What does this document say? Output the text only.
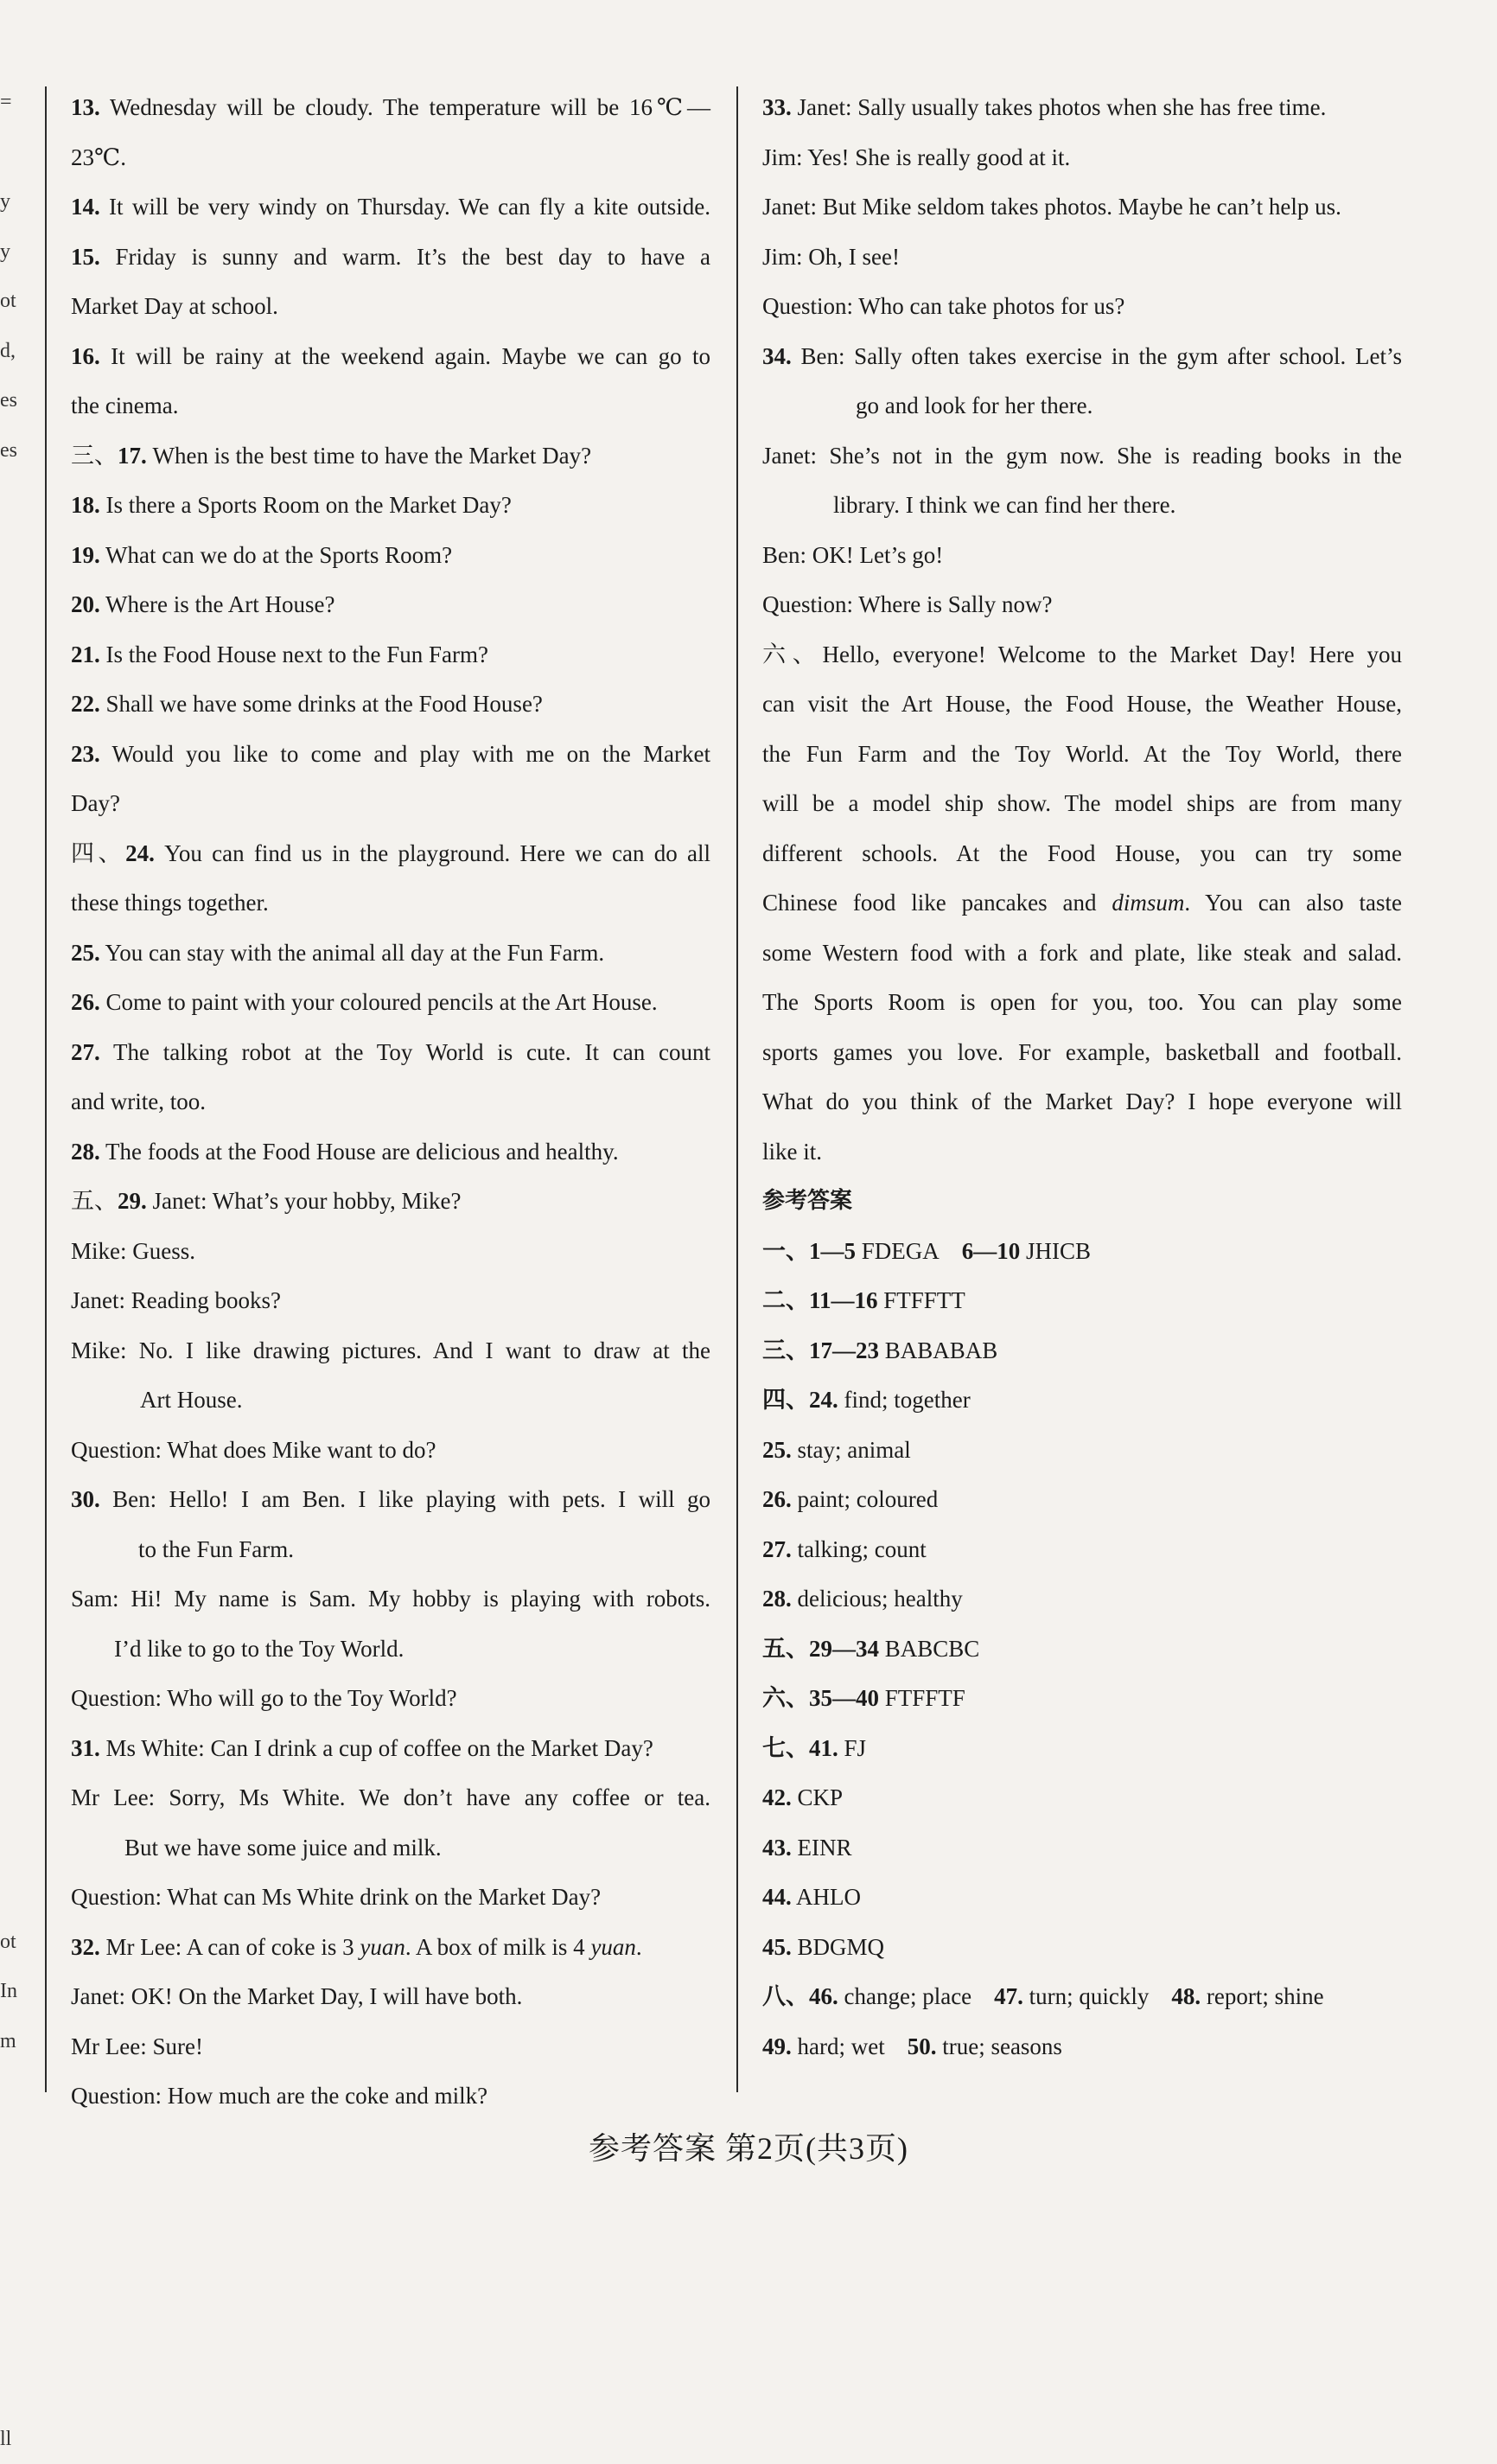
=
y
y
ot
d,
es
es
ot
In
m
ll
13. Wednesday will be cloudy. The temperature will be 16℃—
23℃.
14. It will be very windy on Thursday. We can fly a kite outside.
15. Friday is sunny and warm. It’s the best day to have a
Market Day at school.
16. It will be rainy at the weekend again. Maybe we can go to
the cinema.
三、17. When is the best time to have the Market Day?
18. Is there a Sports Room on the Market Day?
19. What can we do at the Sports Room?
20. Where is the Art House?
21. Is the Food House next to the Fun Farm?
22. Shall we have some drinks at the Food House?
23. Would you like to come and play with me on the Market
Day?
四、24. You can find us in the playground. Here we can do all
these things together.
25. You can stay with the animal all day at the Fun Farm.
26. Come to paint with your coloured pencils at the Art House.
27. The talking robot at the Toy World is cute. It can count
and write, too.
28. The foods at the Food House are delicious and healthy.
五、29. Janet: What’s your hobby, Mike?
Mike: Guess.
Janet: Reading books?
Mike: No. I like drawing pictures. And I want to draw at the
Art House.
Question: What does Mike want to do?
30. Ben: Hello! I am Ben. I like playing with pets. I will go
to the Fun Farm.
Sam: Hi! My name is Sam. My hobby is playing with robots.
I’d like to go to the Toy World.
Question: Who will go to the Toy World?
31. Ms White: Can I drink a cup of coffee on the Market Day?
Mr Lee: Sorry, Ms White. We don’t have any coffee or tea.
But we have some juice and milk.
Question: What can Ms White drink on the Market Day?
32. Mr Lee: A can of coke is 3 yuan. A box of milk is 4 yuan.
Janet: OK! On the Market Day, I will have both.
Mr Lee: Sure!
Question: How much are the coke and milk?
33. Janet: Sally usually takes photos when she has free time.
Jim: Yes! She is really good at it.
Janet: But Mike seldom takes photos. Maybe he can’t help us.
Jim: Oh, I see!
Question: Who can take photos for us?
34. Ben: Sally often takes exercise in the gym after school. Let’s
go and look for her there.
Janet: She’s not in the gym now. She is reading books in the
library. I think we can find her there.
Ben: OK! Let’s go!
Question: Where is Sally now?
六、Hello, everyone! Welcome to the Market Day! Here you
can visit the Art House, the Food House, the Weather House,
the Fun Farm and the Toy World. At the Toy World, there
will be a model ship show. The model ships are from many
different schools. At the Food House, you can try some
Chinese food like pancakes and dimsum. You can also taste
some Western food with a fork and plate, like steak and salad.
The Sports Room is open for you, too. You can play some
sports games you love. For example, basketball and football.
What do you think of the Market Day? I hope everyone will
like it.
参考答案
一、1—5 FDEGA 6—10 JHICB
二、11—16 FTFFTT
三、17—23 BABABAB
四、24. find; together
25. stay; animal
26. paint; coloured
27. talking; count
28. delicious; healthy
五、29—34 BABCBC
六、35—40 FTFFTF
七、41. FJ
42. CKP
43. EINR
44. AHLO
45. BDGMQ
八、46. change; place 47. turn; quickly 48. report; shine
49. hard; wet 50. true; seasons
参考答案 第2页(共3页)
